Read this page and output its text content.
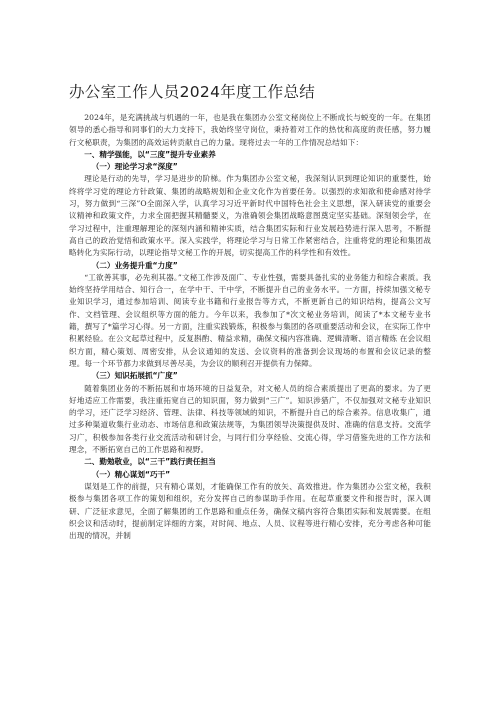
办公室工作人员2024年度工作总结

2024年，是充满挑战与机遇的一年，也是我在集团办公室文秘岗位上不断成长与蜕变的一年。在集团领导的悉心指导和同事们的大力支持下，我始终坚守岗位，秉持着对工作的热忱和高度的责任感，努力履行文秘职责，为集团的高效运转贡献自己的力量。现将过去一年的工作情况总结如下：

一、精学强能，以“三度”提升专业素养
（一）理论学习求“深度”

理论是行动的先导，学习是进步的阶梯。作为集团办公室文秘，我深刻认识到理论知识的重要性，始终将学习党的理论方针政策、集团的战略规划和企业文化作为首要任务。以强烈的求知欲和使命感对待学习，努力做到“三深”O全面深入学，认真学习习近平新时代中国特色社会主义思想，深入研读党的重要会议精神和政策文件，力求全面把握其精髓要义，为准确领会集团战略意图奠定坚实基础。深刻领会学，在学习过程中，注重理解理论的深刻内涵和精神实质，结合集团实际和行业发展趋势进行深入思考，不断提高自己的政治觉悟和政策水平。深入实践学，将理论学习与日常工作紧密结合，注重将党的理论和集团战略转化为实际行动，以理论指导文秘工作的开展，切实提高工作的科学性和有效性。

（二）业务提升重“力度”

“工欲善其事，必先利其器。”文秘工作涉及面广、专业性强，需要具备扎实的业务能力和综合素质。我始终坚持学用结合、知行合一，在学中干、干中学，不断提升自己的业务水平。一方面，持续加强文秘专业知识学习，通过参加培训、阅读专业书籍和行业报告等方式，不断更新自己的知识结构，提高公文写作、文档管理、会议组织等方面的能力。今年以来，我参加了*次文秘业务培训，阅读了*本文秘专业书籍，撰写了*篇学习心得。另一方面，注重实践锻炼，积极参与集团的各项重要活动和会议，在实际工作中积累经验。在公文起草过程中，反复斟酌、精益求精，确保文稿内容准确、逻辑清晰、语言精炼 在会议组织方面，精心策划、周密安排，从会议通知的发送、会议资料的准备到会议现场的布置和会议记录的整理。每一个环节都力求做到尽善尽美，为会议的顺利召开提供有力保障。

（三）知识拓展抓“广度”

随着集团业务的不断拓展和市场环境的日益复杂，对文秘人员的综合素质提出了更高的要求。为了更好地适应工作需要，我注重拓宽自己的知识面，努力做到“三广”。知识涉猎广，不仅加强对文秘专业知识的学习，还广泛学习经济、管理、法律、科技等领域的知识，不断提升自己的综合素养。信息收集广，通过多种渠道收集行业动态、市场信息和政策法规等，为集团领导决策提供及时、准确的信息支持。交流学习广，积极参加各类行业交流活动和研讨会，与同行们分享经验、交流心得，学习借鉴先进的工作方法和理念，不断拓宽自己的工作思路和视野。

二、勤勉敬业，以“三干”践行责任担当
（一）精心谋划“巧干”

谋划是工作的前提，只有精心谋划，才能确保工作有的放矢、高效推进。作为集团办公室文秘，我积极参与集团各项工作的策划和组织，充分发挥自己的参谋助手作用。在起草重要文件和报告时，深入调研、广泛征求意见，全面了解集团的工作思路和重点任务，确保文稿内容符合集团实际和发展需要。在组织会议和活动时，提前制定详细的方案，对时间、地点、人员、议程等进行精心安排，充分考虑各种可能出现的情况，并制
